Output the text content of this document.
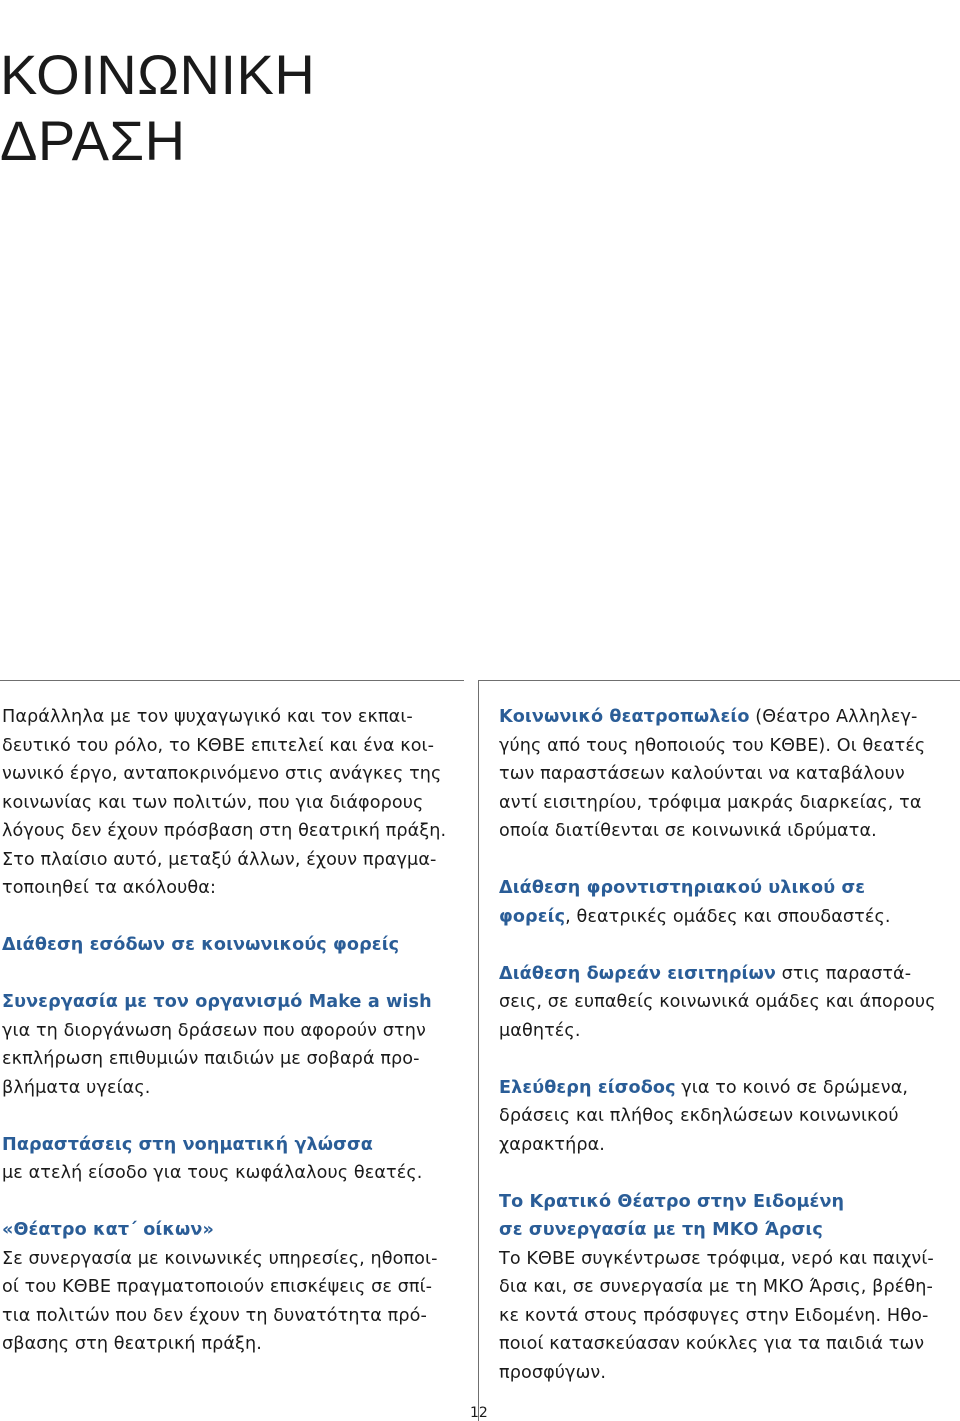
ΚΟΙΝΩΝΙΚΗ
ΔΡΑΣΗ
Παράλληλα με τον ψυχαγωγικό και τον εκπαι-
δευτικό του ρόλο, το ΚΘΒΕ επιτελεί και ένα κοι-
νωνικό έργο, ανταποκρινόμενο στις ανάγκες της
κοινωνίας και των πολιτών, που για διάφορους
λόγους δεν έχουν πρόσβαση στη θεατρική πράξη.
Στο πλαίσιο αυτό, μεταξύ άλλων, έχουν πραγμα-
τοποιηθεί τα ακόλουθα:
Διάθεση εσόδων σε κοινωνικούς φορείς
Συνεργασία με τον οργανισμό Make a wish
για τη διοργάνωση δράσεων που αφορούν στην
εκπλήρωση επιθυμιών παιδιών με σοβαρά προ-
βλήματα υγείας.
Παραστάσεις στη νοηματική γλώσσα
με ατελή είσοδο για τους κωφάλαλους θεατές.
«Θέατρο κατ΄ οίκων»
Σε συνεργασία με κοινωνικές υπηρεσίες, ηθοποι-
οί του ΚΘΒΕ πραγματοποιούν επισκέψεις σε σπί-
τια πολιτών που δεν έχουν τη δυνατότητα πρό-
σβασης στη θεατρική πράξη.
Κοινωνικό θεατροπωλείο (Θέατρο Αλληλεγ-
γύης από τους ηθοποιούς του ΚΘΒΕ). Οι θεατές
των παραστάσεων καλούνται να καταβάλουν
αντί εισιτηρίου, τρόφιμα μακράς διαρκείας, τα
οποία διατίθενται σε κοινωνικά ιδρύματα.
Διάθεση φροντιστηριακού υλικού σε
φορείς, θεατρικές ομάδες και σπουδαστές.
Διάθεση δωρεάν εισιτηρίων στις παραστά-
σεις, σε ευπαθείς κοινωνικά ομάδες και άπορους
μαθητές.
Ελεύθερη είσοδος για το κοινό σε δρώμενα,
δράσεις και πλήθος εκδηλώσεων κοινωνικού
χαρακτήρα.
Το Κρατικό Θέατρο στην Ειδομένη
σε συνεργασία με τη ΜΚΟ Άρσις
Το ΚΘΒΕ συγκέντρωσε τρόφιμα, νερό και παιχνί-
δια και, σε συνεργασία με τη ΜΚΟ Άρσις, βρέθη-
κε κοντά στους πρόσφυγες στην Ειδομένη. Ηθο-
ποιοί κατασκεύασαν κούκλες για τα παιδιά των
προσφύγων.
12
